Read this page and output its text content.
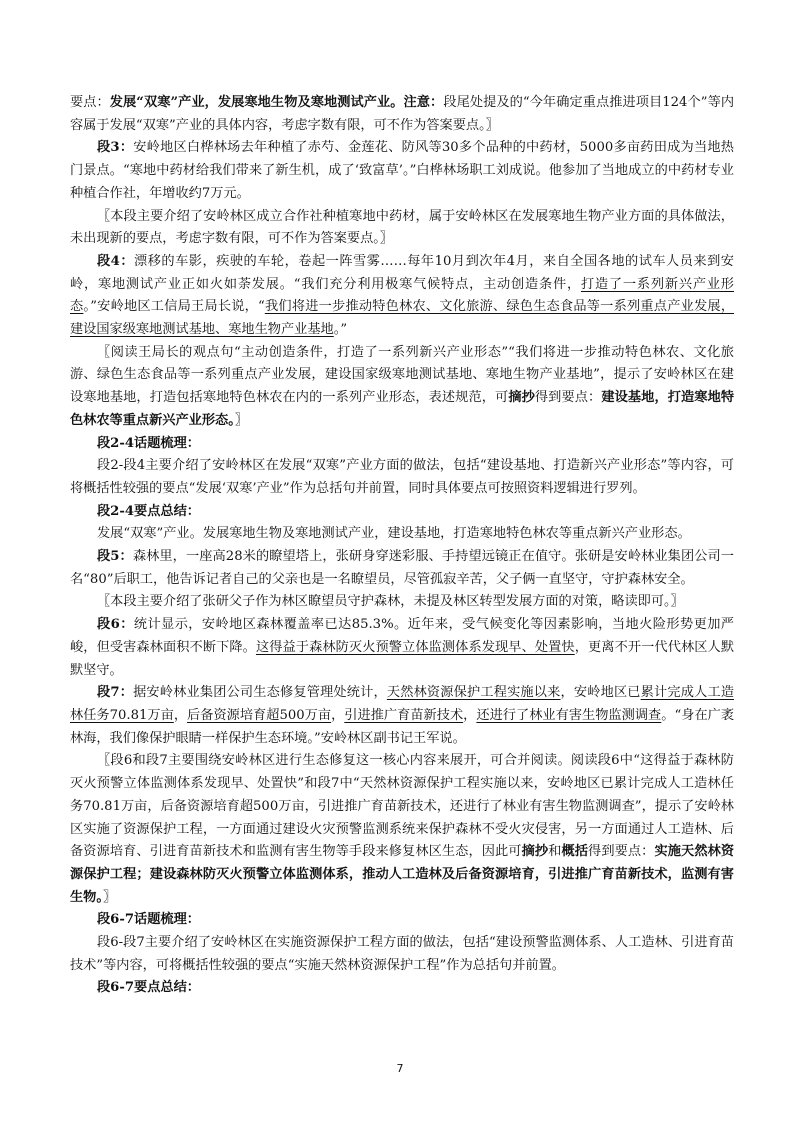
要点：发展“双寒”产业，发展寒地生物及寒地测试产业。注意：段尾处提及的“今年确定重点推进项目124个”等内容属于发展“双寒”产业的具体内容，考虑字数有限，可不作为答案要点。〗

段3：安岭地区白桦林场去年种植了赤芍、金莲花、防风等30多个品种的中药材，5000多亩药田成为当地热门景点。“寒地中药材给我们带来了新生机，成了‘致富草’。”白桦林场职工刘成说。他参加了当地成立的中药材专业种植合作社，年增收约7万元。

〖本段主要介绍了安岭林区成立合作社种植寒地中药材，属于安岭林区在发展寒地生物产业方面的具体做法，未出现新的要点，考虑字数有限，可不作为答案要点。〗

段4：漂移的车影，疾驶的车轮，卷起一阵雪雾……每年10月到次年4月，来自全国各地的试车人员来到安岭，寒地测试产业正如火如荼发展。“我们充分利用极寒气候特点，主动创造条件，打造了一系列新兴产业形态。”安岭地区工信局王局长说，“我们将进一步推动特色林农、文化旅游、绿色生态食品等一系列重点产业发展，建设国家级寒地测试基地、寒地生物产业基地。”

〖阅读王局长的观点句“主动创造条件，打造了一系列新兴产业形态”“我们将进一步推动特色林农、文化旅游、绿色生态食品等一系列重点产业发展，建设国家级寒地测试基地、寒地生物产业基地”，提示了安岭林区在建设寒地基地，打造包括寒地特色林农在内的一系列产业形态，表述规范，可摘抄得到要点：建设基地，打造寒地特色林农等重点新兴产业形态。〗

段2-4话题梳理：

段2-段4主要介绍了安岭林区在发展“双寒”产业方面的做法，包括“建设基地、打造新兴产业形态”等内容，可将概括性较强的要点“发展‘双寒’产业”作为总括句并前置，同时具体要点可按照资料逻辑进行罗列。

段2-4要点总结：

发展“双寒”产业。发展寒地生物及寒地测试产业，建设基地，打造寒地特色林农等重点新兴产业形态。

段5：森林里，一座高28米的瞭望塔上，张研身穿迷彩服、手持望远镜正在值守。张研是安岭林业集团公司一名“80”后职工，他告诉记者自己的父亲也是一名瞭望员，尽管孤寂辛苦，父子俩一直坚守，守护森林安全。

〖本段主要介绍了张研父子作为林区瞭望员守护森林，未提及林区转型发展方面的对策，略读即可。〗

段6：统计显示，安岭地区森林覆盖率已达85.3%。近年来，受气候变化等因素影响，当地火险形势更加严峻，但受害森林面积不断下降。这得益于森林防灭火预警立体监测体系发现早、处置快，更离不开一代代林区人默默坚守。

段7：据安岭林业集团公司生态修复管理处统计，天然林资源保护工程实施以来，安岭地区已累计完成人工造林任务70.81万亩，后备资源培育超500万亩，引进推广育苗新技术，还进行了林业有害生物监测调查。“身在广袤林海，我们像保护眼睛一样保护生态环境。”安岭林区副书记王军说。

〖段6和段7主要围绕安岭林区进行生态修复这一核心内容来展开，可合并阅读。阅读段6中“这得益于森林防灭火预警立体监测体系发现早、处置快”和段7中“天然林资源保护工程实施以来，安岭地区已累计完成人工造林任务70.81万亩，后备资源培育超500万亩，引进推广育苗新技术，还进行了林业有害生物监测调查”，提示了安岭林区实施了资源保护工程，一方面通过建设火灾预警监测系统来保护森林不受火灾侵害，另一方面通过人工造林、后备资源培育、引进育苗新技术和监测有害生物等手段来修复林区生态，因此可摘抄和概括得到要点：实施天然林资源保护工程；建设森林防灭火预警立体监测体系，推动人工造林及后备资源培育，引进推广育苗新技术，监测有害生物。〗

段6-7话题梳理：

段6-段7主要介绍了安岭林区在实施资源保护工程方面的做法，包括“建设预警监测体系、人工造林、引进育苗技术”等内容，可将概括性较强的要点“实施天然林资源保护工程”作为总括句并前置。

段6-7要点总结：

7
